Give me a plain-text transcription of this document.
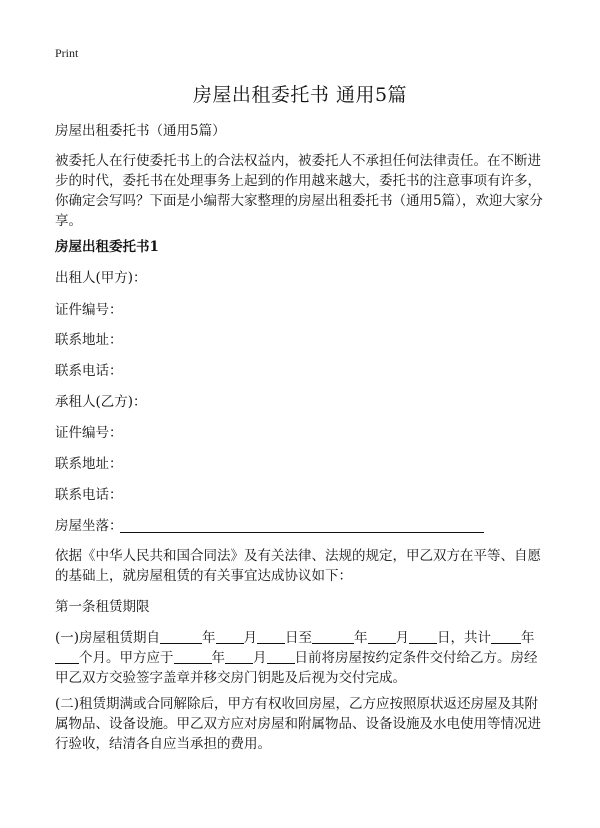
Print
房屋出租委托书 通用5篇
房屋出租委托书（通用5篇）
被委托人在行使委托书上的合法权益内，被委托人不承担任何法律责任。在不断进步的时代，委托书在处理事务上起到的作用越来越大，委托书的注意事项有许多，你确定会写吗？下面是小编帮大家整理的房屋出租委托书（通用5篇），欢迎大家分享。
房屋出租委托书1
出租人(甲方)：
证件编号：
联系地址：
联系电话：
承租人(乙方)：
证件编号：
联系地址：
联系电话：
房屋坐落：
依据《中华人民共和国合同法》及有关法律、法规的规定，甲乙双方在平等、自愿的基础上，就房屋租赁的有关事宜达成协议如下：
第一条租赁期限
(一)房屋租赁期自	年 月 日至	年 月 日，共计 年
个月。甲方应于	年 月 日前将房屋按约定条件交付给乙方。房经甲乙双方交验签字盖章并移交房门钥匙及后视为交付完成。
(二)租赁期满或合同解除后，甲方有权收回房屋，乙方应按照原状返还房屋及其附属物品、设备设施。甲乙双方应对房屋和附属物品、设备设施及水电使用等情况进行验收，结清各自应当承担的费用。
